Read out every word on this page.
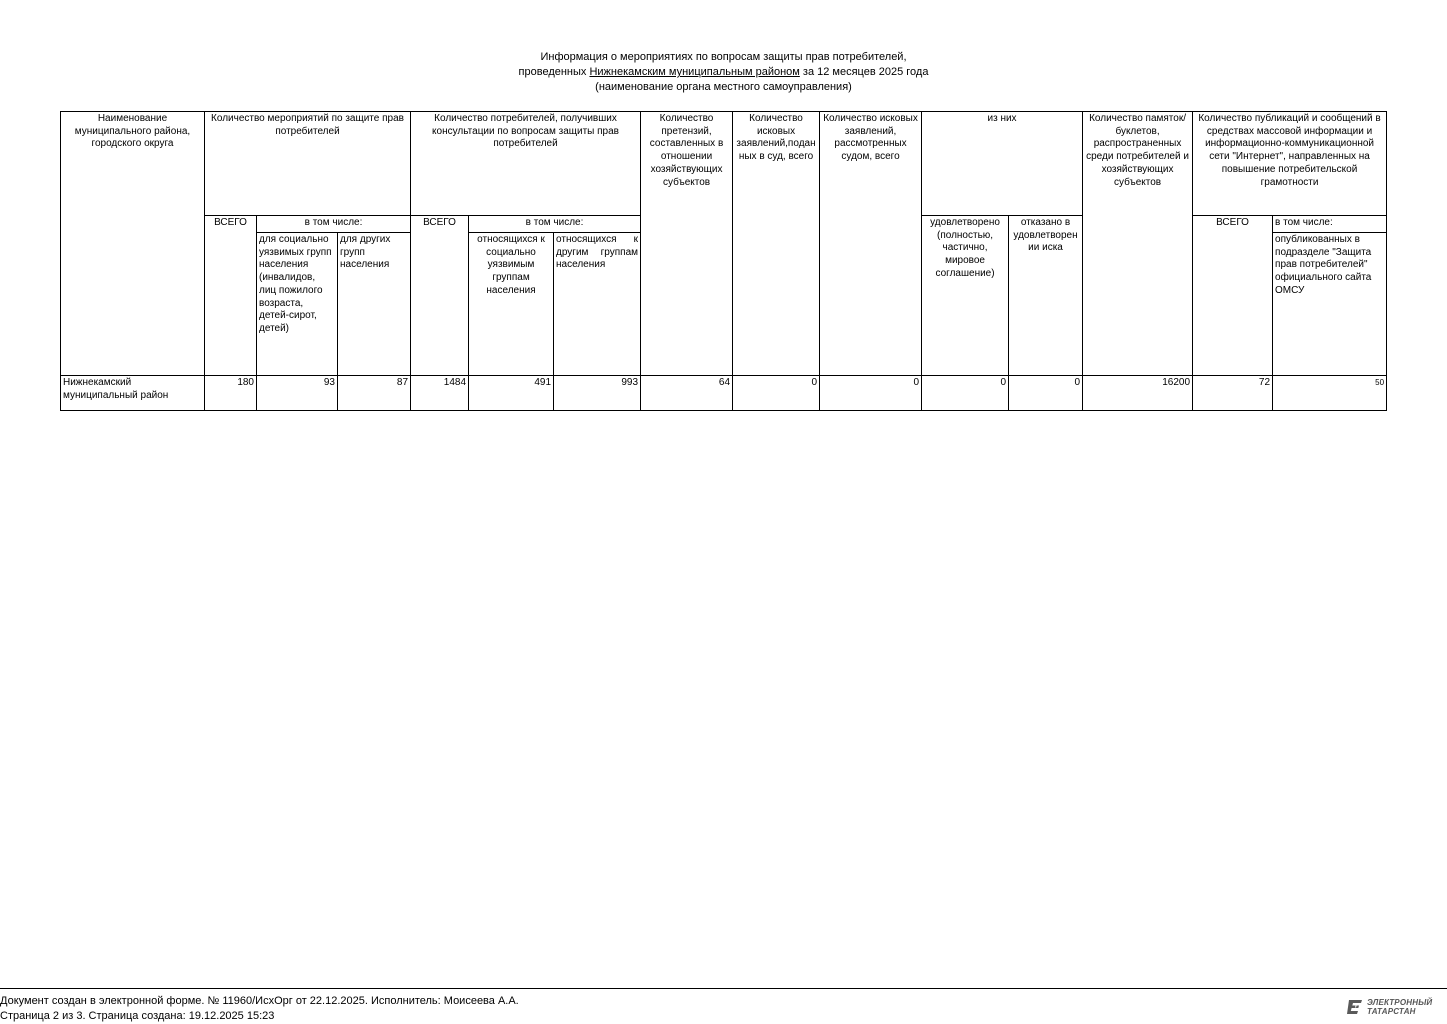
Информация о мероприятиях по вопросам защиты прав потребителей,
проведенных Нижнекамским муниципальным районом за 12 месяцев 2025 года
(наименование органа местного самоуправления)
Наименование муниципального района, городского округа	Количество мероприятий по защите прав потребителей			Количество потребителей, получивших консультации по вопросам защиты прав потребителей			Количество претензий, составленных в отношении хозяйствующих субъектов	Количество исковых заявлений,поданных в суд, всего	Количество исковых заявлений, рассмотренных судом, всего	из них		Количество памяток/буклетов, распространенных среди потребителей и хозяйствующих субъектов	Количество публикаций и сообщений в средствах массовой информации и информационно-коммуникационной сети "Интернет", направленных на повышение потребительской грамотности	
	ВСЕГО	в том числе:		ВСЕГО	в том числе:					удовлетворено (полностью, частично, мировое соглашение)	отказано в удовлетворении иска		ВСЕГО	в том числе:
		для социально уязвимых групп населения (инвалидов, лиц пожилого возраста, детей-сирот, детей)	для других групп населения		относящихся к социально уязвимым группам населения	относящихся к другим группам населения								опубликованных в подразделе "Защита прав потребителей" официального сайта ОМСУ
Нижнекамский муниципальный район	180	93	87	1484	491	993	64	0	0	0	0	16200	72	50
Документ создан в электронной форме. № 11960/ИсхОрг от 22.12.2025. Исполнитель: Моисеева А.А.
Страница 2 из 3. Страница создана: 19.12.2025 15:23
ЭЛЕКТРОННЫЙ
ТАТАРСТАН
